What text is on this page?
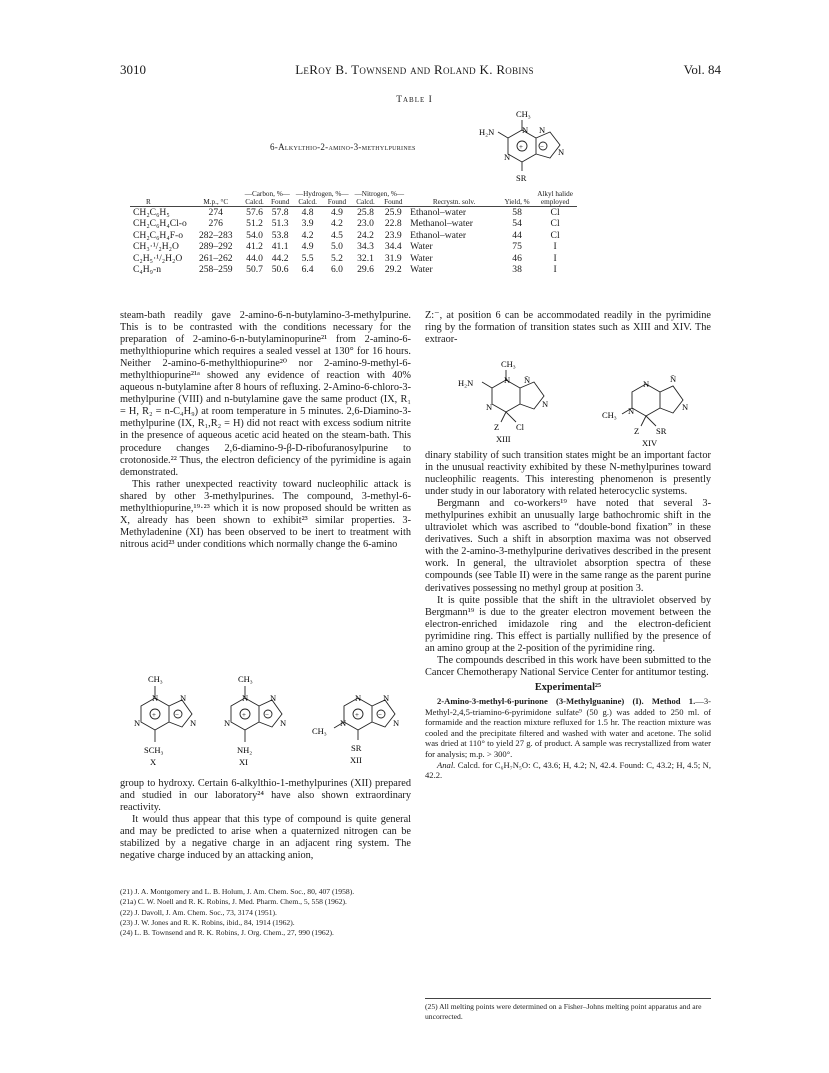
3010	LeRoy B. Townsend and Roland K. Robins	Vol. 84
Table I
6-Alkylthio-2-amino-3-methylpurines
CH₃
H₂N	N N
N
N
+ −
SR
R	M.p., °C	—Carbon, %—		—Hydrogen, %—		—Nitrogen, %—		Recrystn. solv.	Yield, %	Alkyl halide employed
		Calcd.	Found	Calcd.	Found	Calcd.	Found			
CH₂C₆H₅	274	57.6	57.8	4.8	4.9	25.8	25.9	Ethanol–water	58	Cl
CH₂C₆H₄Cl-o	276	51.2	51.3	3.9	4.2	23.0	22.8	Methanol–water	54	Cl
CH₂C₆H₄F-o	282–283	54.0	53.8	4.2	4.5	24.2	23.9	Ethanol–water	44	Cl
CH₃·¹/₂H₂O	289–292	41.2	41.1	4.9	5.0	34.3	34.4	Water	75	I
C₂H₅·¹/₂H₂O	261–262	44.0	44.2	5.5	5.2	32.1	31.9	Water	46	I
C₄H₉-n	258–259	50.7	50.6	6.4	6.0	29.6	29.2	Water	38	I

steam-bath readily gave 2-amino-6-n-butylamino-3-methylpurine. This is to be contrasted with the conditions necessary for the preparation of 2-amino-6-n-butylaminopurine²¹ from 2-amino-6-methylthiopurine which requires a sealed vessel at 130° for 16 hours. Neither 2-amino-6-methylthiopurine²⁰ nor 2-amino-9-methyl-6-methylthiopurine²¹ᵃ showed any evidence of reaction with 40% aqueous n-butylamine after 8 hours of refluxing. 2-Amino-6-chloro-3-methylpurine (VIII) and n-butylamine gave the same product (IX, R₁ = H, R₂ = n-C₄H₉) at room temperature in 5 minutes. 2,6-Diamino-3-methylpurine (IX, R₁,R₂ = H) did not react with excess sodium nitrite in the presence of aqueous acetic acid heated on the steam-bath. This procedure changes 2,6-diamino-9-β-D-ribofuranosylpurine to crotonoside.²² Thus, the electron deficiency of the pyrimidine is again demonstrated.

This rather unexpected reactivity toward nucleophilic attack is shared by other 3-methylpurines. The compound, 3-methyl-6-methylthiopurine,¹⁹·²³ which it is now proposed should be written as X, already has been shown to exhibit²³ similar properties. 3-Methyladenine (XI) has been observed to be inert to treatment with nitrous acid²³ under conditions which normally change the 6-amino

CH₃
N	N
N
N
+	−
SCH₃
X
CH₃
N	N
N
N
+	−
NH₂
XI
N	N
N
N
CH₃
+	−
SR
XII

group to hydroxy. Certain 6-alkylthio-1-methylpurines (XII) prepared and studied in our laboratory²⁴ have also shown extraordinary reactivity.

It would thus appear that this type of compound is quite general and may be predicted to arise when a quaternized nitrogen can be stabilized by a negative charge in an adjacent ring system. The negative charge induced by an attacking anion,

(21) J. A. Montgomery and L. B. Holum, J. Am. Chem. Soc., 80, 407 (1958).

(21a) C. W. Noell and R. K. Robins, J. Med. Pharm. Chem., 5, 558 (1962).

(22) J. Davoll, J. Am. Chem. Soc., 73, 3174 (1951).

(23) J. W. Jones and R. K. Robins, ibid., 84, 1914 (1962).

(24) L. B. Townsend and R. K. Robins, J. Org. Chem., 27, 990 (1962).

Z:⁻, at position 6 can be accommodated readily in the pyrimidine ring by the formation of transition states such as XIII and XIV. The extraor-

CH₃
H₂N	N N̄
N
N
Z Cl
XIII
N N̄
N
N
CH₃
Z SR
XIV

dinary stability of such transition states might be an important factor in the unusual reactivity exhibited by these N-methylpurines toward nucleophilic reagents. This interesting phenomenon is presently under study in our laboratory with related heterocyclic systems.

Bergmann and co-workers¹⁹ have noted that several 3-methylpurines exhibit an unusually large bathochromic shift in the ultraviolet which was ascribed to “double-bond fixation” in these derivatives. Such a shift in absorption maxima was not observed with the 2-amino-3-methylpurine derivatives described in the present work. In general, the ultraviolet absorption spectra of these compounds (see Table II) were in the same range as the parent purine derivatives possessing no methyl group at position 3.

It is quite possible that the shift in the ultraviolet observed by Bergmann¹⁹ is due to the greater electron movement between the electron-enriched imidazole ring and the electron-deficient pyrimidine ring. This effect is partially nullified by the presence of an amino group at the 2-position of the pyrimidine ring.

The compounds described in this work have been submitted to the Cancer Chemotherapy National Service Center for antitumor testing.

Experimental²⁵

2-Amino-3-methyl-6-purinone (3-Methylguanine) (I). Method 1.—3-Methyl-2,4,5-triamino-6-pyrimidone sulfate⁹ (50 g.) was added to 250 ml. of formamide and the reaction mixture refluxed for 1.5 hr. The reaction mixture was cooled and the precipitate filtered and washed with water and acetone. The solid was dried at 110° to yield 27 g. of product. A sample was recrystallized from water for analysis; m.p. > 300°.

Anal. Calcd. for C₆H₇N₅O: C, 43.6; H, 4.2; N, 42.4. Found: C, 43.2; H, 4.5; N, 42.2.

(25) All melting points were determined on a Fisher–Johns melting point apparatus and are uncorrected.
